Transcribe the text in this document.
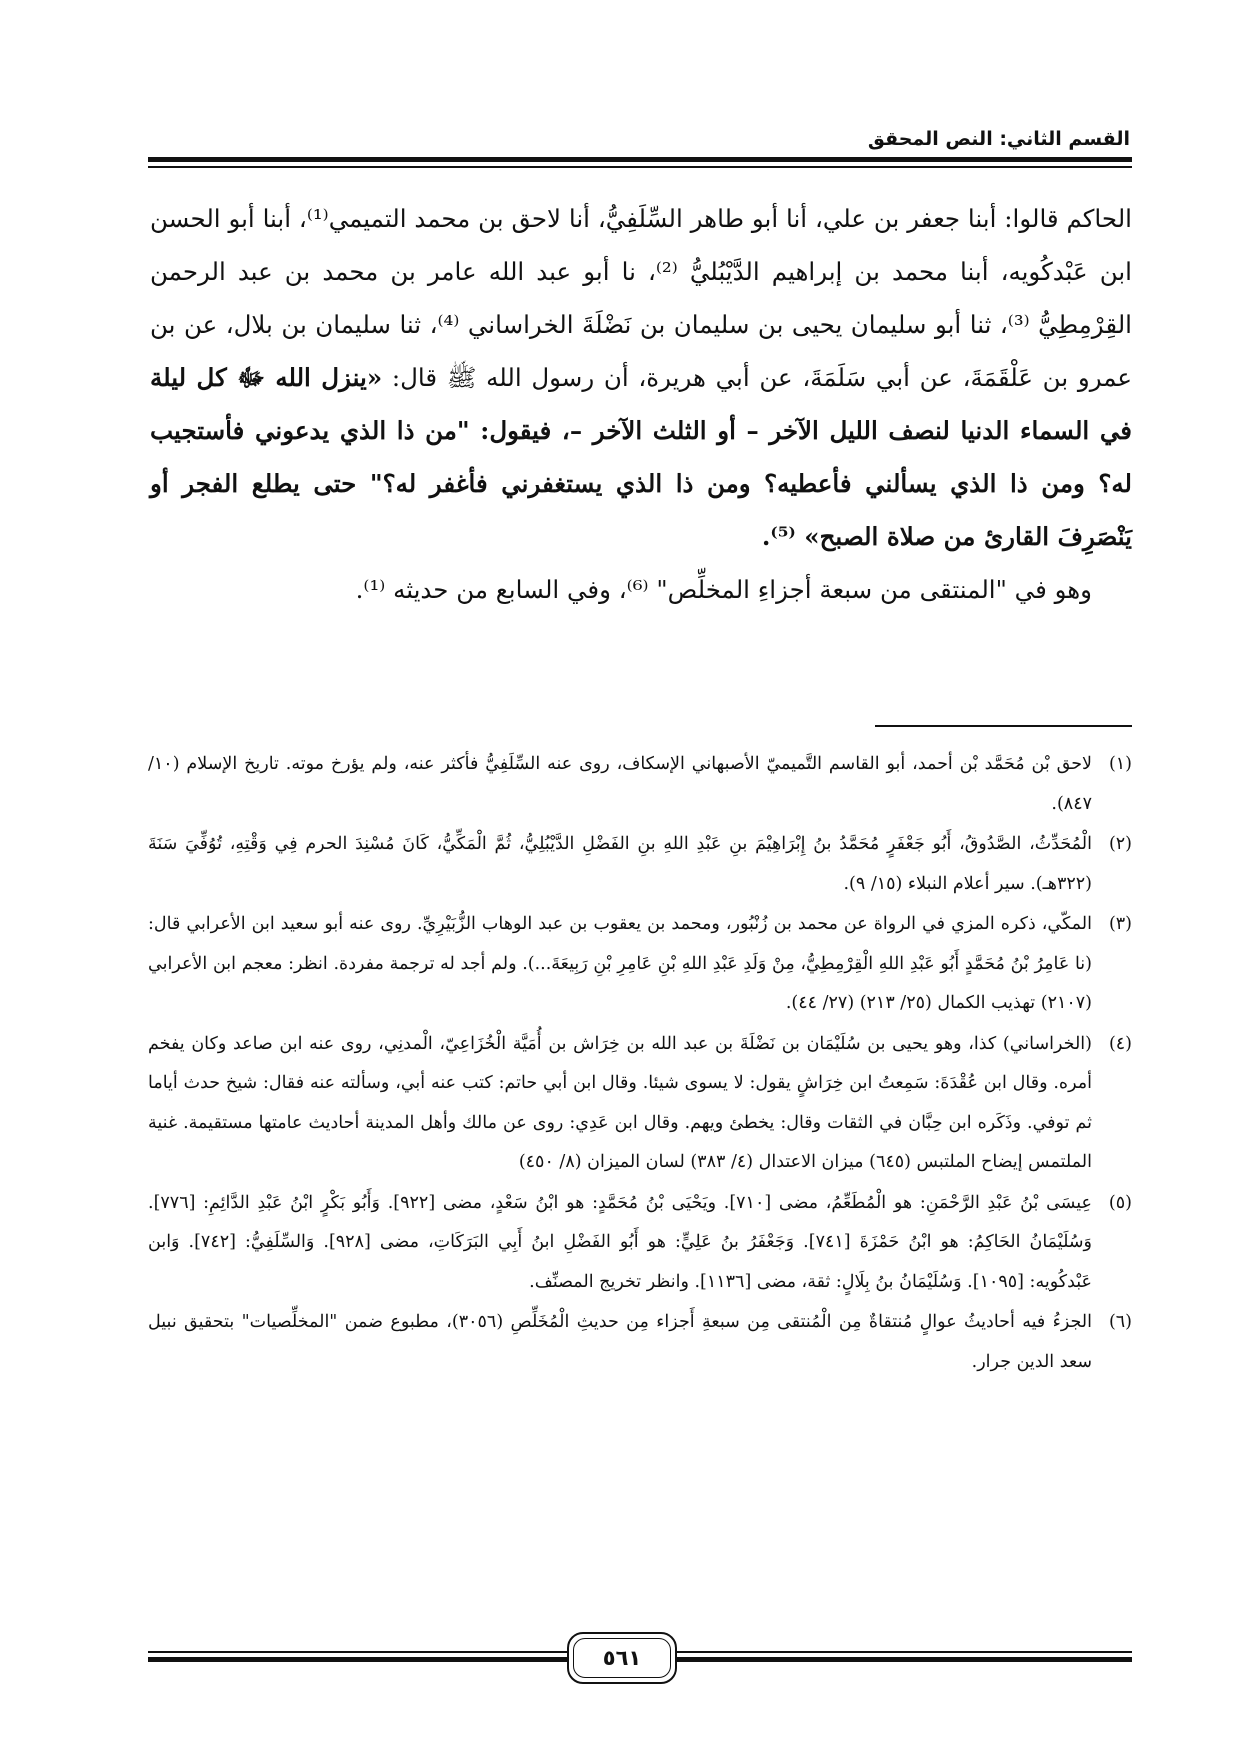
القسم الثاني: النص المحقق

الحاكم قالوا: أبنا جعفر بن علي، أنا أبو طاهر السِّلَفِيُّ، أنا لاحق بن محمد التميمي⁽¹⁾، أبنا أبو الحسن ابن عَبْدكُويه، أبنا محمد بن إبراهيم الدَّيْبُليُّ ⁽²⁾، نا أبو عبد الله عامر بن محمد بن عبد الرحمن القِرْمِطِيُّ ⁽³⁾، ثنا أبو سليمان يحيى بن سليمان بن نَضْلَةَ الخراساني ⁽⁴⁾، ثنا سليمان بن بلال، عن بن عمرو بن عَلْقَمَةَ، عن أبي سَلَمَةَ، عن أبي هريرة، أن رسول الله ﷺ قال: «ينزل الله ﷻ كل ليلة في السماء الدنيا لنصف الليل الآخر – أو الثلث الآخر –، فيقول: "من ذا الذي يدعوني فأستجيب له؟ ومن ذا الذي يسألني فأعطيه؟ ومن ذا الذي يستغفرني فأغفر له؟" حتى يطلع الفجر أو يَنْصَرِفَ القارئ من صلاة الصبح» ⁽⁵⁾.

وهو في "المنتقى من سبعة أجزاءِ المخلِّص" ⁽⁶⁾، وفي السابع من حديثه ⁽¹⁾.

(١)لاحق بْن مُحَمَّد بْن أحمد، أبو القاسم التَّميميّ الأصبهاني الإسكاف، روى عنه السِّلَفِيُّ فأكثر عنه، ولم يؤرخ موته. تاريخ الإسلام (١٠/ ٨٤٧).

(٢)الْمُحَدِّثُ، الصَّدُوقُ، أَبُو جَعْفَرٍ مُحَمَّدُ بنُ إِبْرَاهِيْمَ بنِ عَبْدِ اللهِ بنِ الفَضْلِ الدَّيْبُلِيُّ، ثُمَّ الْمَكِّيُّ، كَانَ مُسْنِدَ الحرم فِي وَقْتِهِ، تُوُفِّيَ سَنَةَ (٣٢٢هـ). سير أعلام النبلاء (١٥/ ٩).

(٣)المكّي، ذكره المزي في الرواة عن محمد بن زُنْبُور، ومحمد بن يعقوب بن عبد الوهاب الزُّبَيْرِيِّ. روى عنه أبو سعيد ابن الأعرابي قال: (نا عَامِرُ بْنُ مُحَمَّدٍ أَبُو عَبْدِ اللهِ الْقِرْمِطِيُّ، مِنْ وَلَدِ عَبْدِ اللهِ بْنِ عَامِرِ بْنِ رَبِيعَةَ...). ولم أجد له ترجمة مفردة. انظر: معجم ابن الأعرابي (٢١٠٧) تهذيب الكمال (٢٥/ ٢١٣) (٢٧/ ٤٤).

(٤)(الخراساني) كذا، وهو يحيى بن سُلَيْمَان بن نَضْلَةَ بن عبد الله بن خِرَاش بن أُمَيَّة الْخُزَاعِيّ، الْمدنِي، روى عنه ابن صاعد وكان يفخم أمره. وقال ابن عُقْدَةَ: سَمِعتُ ابن خِرَاشٍ يقول: لا يسوى شيئا. وقال ابن أبي حاتم: كتب عنه أبي، وسألته عنه فقال: شيخ حدث أياما ثم توفي. وذَكَره ابن حِبَّان في الثقات وقال: يخطئ ويهم. وقال ابن عَدِي: روى عن مالك وأهل المدينة أحاديث عامتها مستقيمة. غنية الملتمس إيضاح الملتبس (٦٤٥) ميزان الاعتدال (٤/ ٣٨٣) لسان الميزان (٨/ ٤٥٠)

(٥)عِيسَى بْنُ عَبْدِ الرَّحْمَنِ: هو الْمُطَعِّمُ، مضى [٧١٠]. ويَحْيَى بْنُ مُحَمَّدٍ: هو ابْنُ سَعْدٍ، مضى [٩٢٢]. وَأَبُو بَكْرٍ ابْنُ عَبْدِ الدَّائِمِ: [٧٧٦]. وَسُلَيْمَانُ الحَاكِمُ: هو ابْنُ حَمْزَةَ [٧٤١]. وَجَعْفَرُ بنُ عَلِيٍّ: هو أَبُو الفَضْلِ ابنُ أَبِي البَرَكَاتِ، مضى [٩٢٨]. وَالسِّلَفِيُّ: [٧٤٢]. وَابن عَبْدكُويه: [١٠٩٥]. وَسُلَيْمَانُ بنُ بِلَالٍ: ثقة، مضى [١١٣٦]. وانظر تخريج المصنِّف.

(٦)الجزءُ فيه أحاديثُ عوالٍ مُنتقاةٌ مِن الْمُنتقى مِن سبعةِ أَجزاء مِن حديثِ الْمُخَلِّصِ (٣٠٥٦)، مطبوع ضمن "المخلِّصيات" بتحقيق نبيل سعد الدين جرار.

٥٦١
